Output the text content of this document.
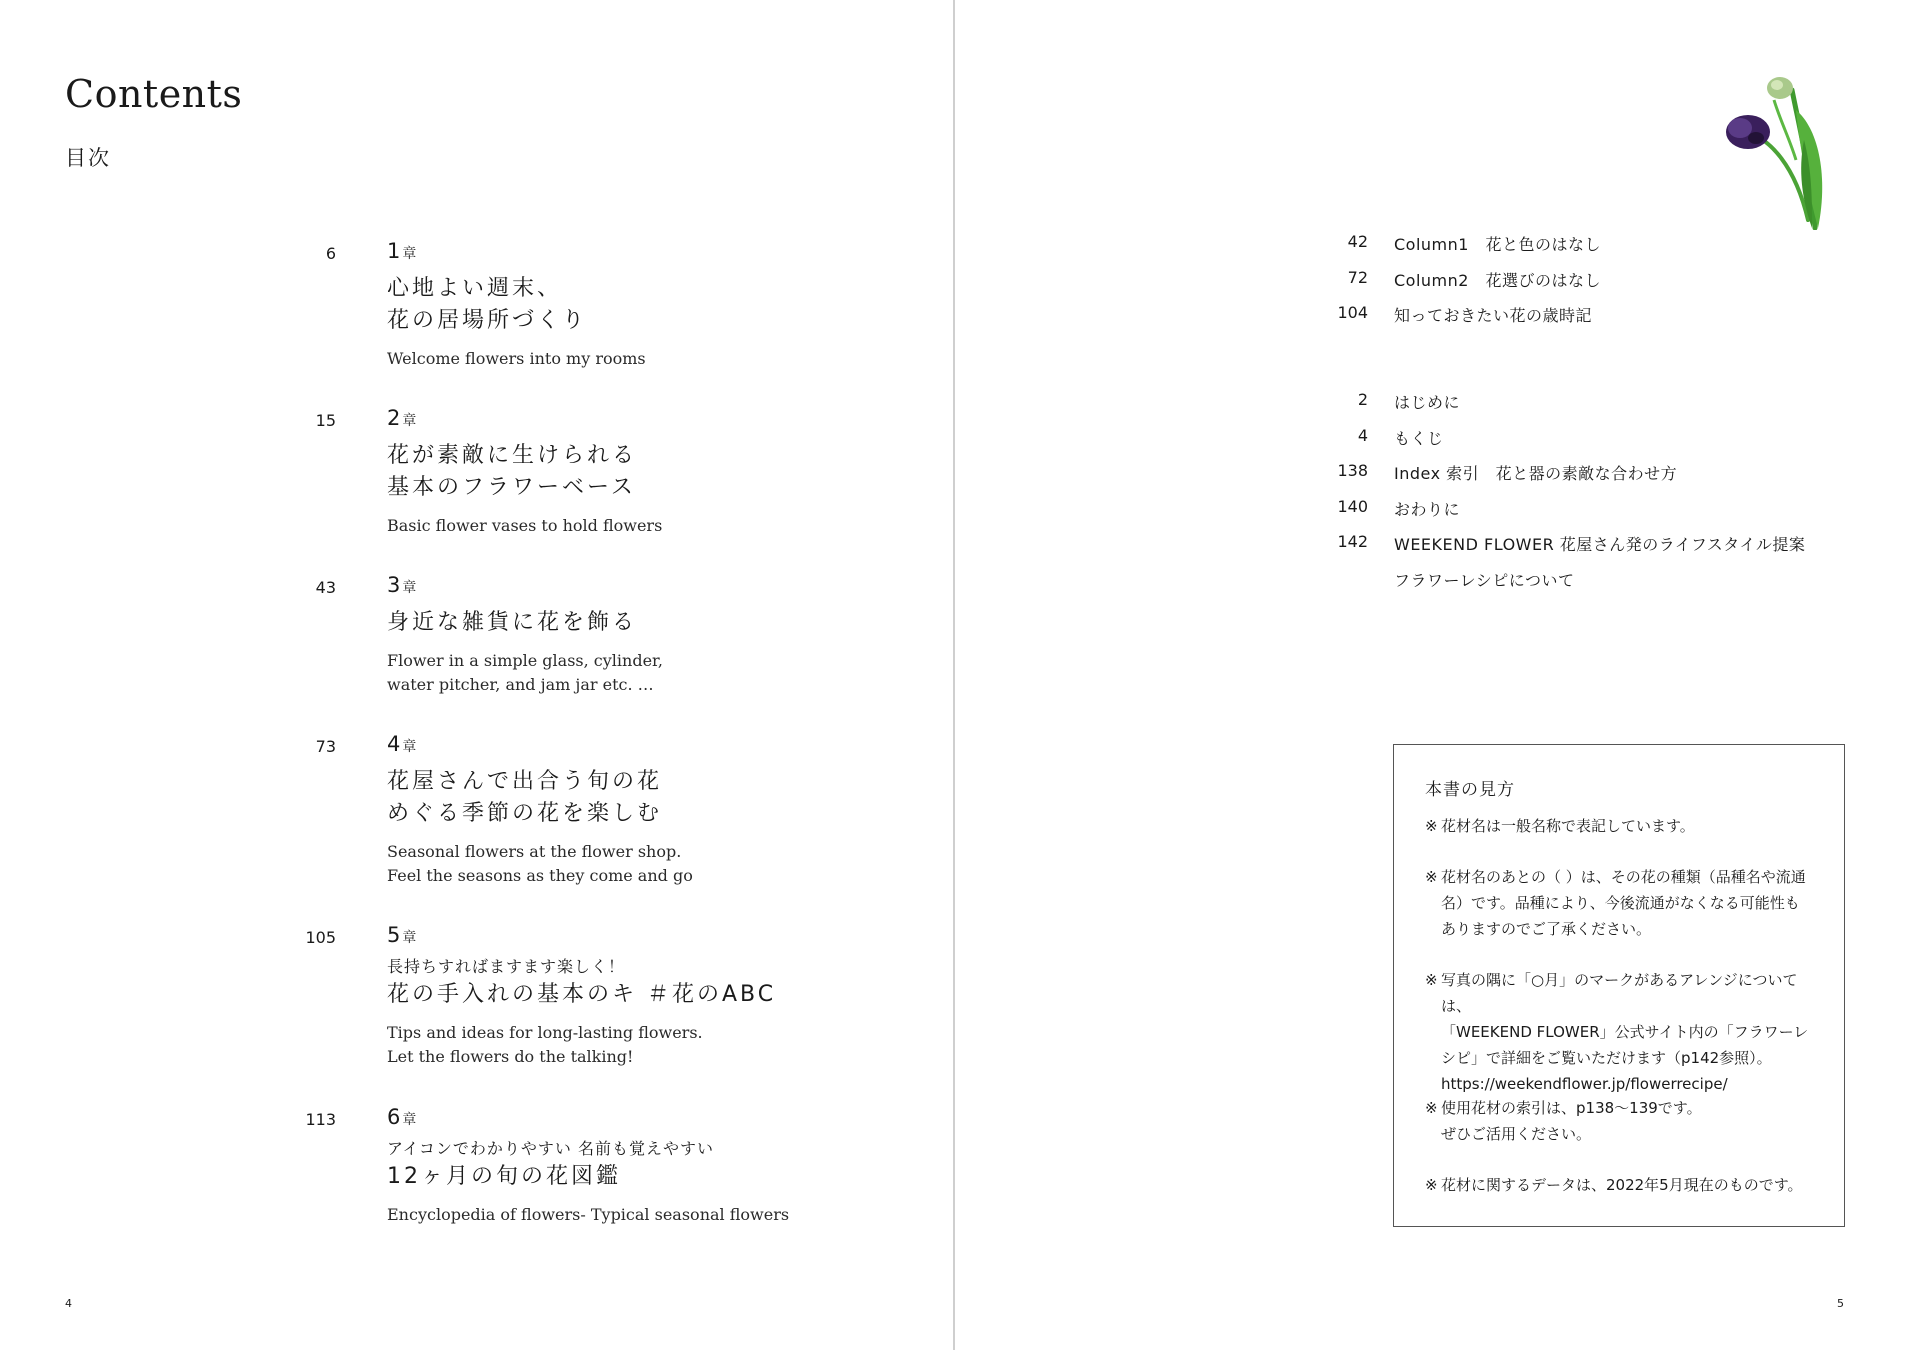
Contents
目次
6 1 章
心地よい週末、
花の居場所づくり
Welcome flowers into my rooms
15 2 章
花が素敵に生けられる
基本のフラワーベース
Basic flower vases to hold flowers
43 3 章
身近な雑貨に花を飾る
Flower in a simple glass, cylinder,
water pitcher, and jam jar etc. …
73 4 章
花屋さんで出合う旬の花
めぐる季節の花を楽しむ
Seasonal flowers at the flower shop.
Feel the seasons as they come and go
105 5 章
長持ちすればますます楽しく！
花の手入れの基本のキ ＃花のABC
Tips and ideas for long-lasting flowers.
Let the flowers do the talking!
113 6 章
アイコンでわかりやすい 名前も覚えやすい
12ヶ月の旬の花図鑑
Encyclopedia of flowers- Typical seasonal flowers
4
42 Column1　花と色のはなし
72 Column2　花選びのはなし
104 知っておきたい花の歳時記
2 はじめに
4 もくじ
138 Index 索引　花と器の素敵な合わせ方
140 おわりに
142 WEEKEND FLOWER 花屋さん発のライフスタイル提案
フラワーレシピについて
本書の見方
※ 花材名は一般名称で表記しています。
※ 花材名のあとの（ ）は、その花の種類（品種名や流通
名）です。品種により、今後流通がなくなる可能性も
ありますのでご了承ください。
※ 写真の隅に「○月」のマークがあるアレンジについては、
「WEEKEND FLOWER」公式サイト内の「フラワーレ
シピ」で詳細をご覧いただけます（p142参照）。
https://weekendflower.jp/flowerrecipe/
※ 使用花材の索引は、p138～139です。
ぜひご活用ください。
※ 花材に関するデータは、2022年5月現在のものです。
5
